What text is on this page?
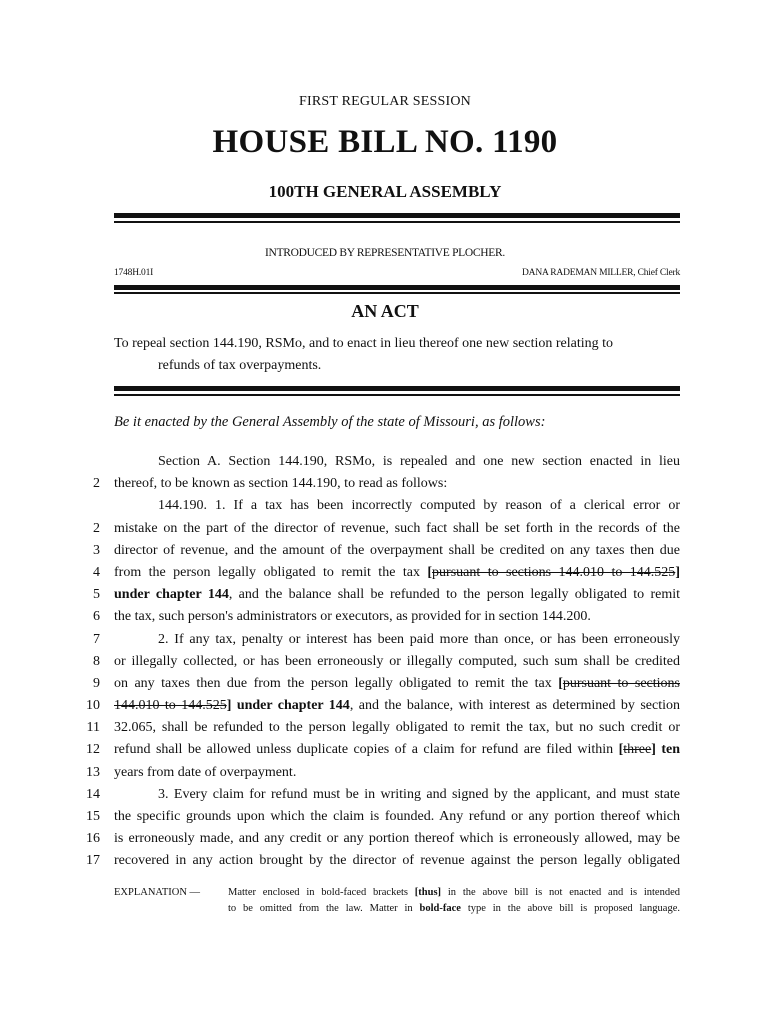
FIRST REGULAR SESSION
HOUSE BILL NO. 1190
100TH GENERAL ASSEMBLY
INTRODUCED BY REPRESENTATIVE PLOCHER.
1748H.01I	DANA RADEMAN MILLER, Chief Clerk
AN ACT
To repeal section 144.190, RSMo, and to enact in lieu thereof one new section relating to
refunds of tax overpayments.
Be it enacted by the General Assembly of the state of Missouri, as follows:
Section A. Section 144.190, RSMo, is repealed and one new section enacted in lieu
2 thereof, to be known as section 144.190, to read as follows:
144.190. 1. If a tax has been incorrectly computed by reason of a clerical error or
2 mistake on the part of the director of revenue, such fact shall be set forth in the records of the
3 director of revenue, and the amount of the overpayment shall be credited on any taxes then due
4 from the person legally obligated to remit the tax [pursuant to sections 144.010 to 144.525]
5 under chapter 144, and the balance shall be refunded to the person legally obligated to remit
6 the tax, such person's administrators or executors, as provided for in section 144.200.
7	2. If any tax, penalty or interest has been paid more than once, or has been erroneously
8 or illegally collected, or has been erroneously or illegally computed, such sum shall be credited
9 on any taxes then due from the person legally obligated to remit the tax [pursuant to sections
10 144.010 to 144.525] under chapter 144, and the balance, with interest as determined by section
11 32.065, shall be refunded to the person legally obligated to remit the tax, but no such credit or
12 refund shall be allowed unless duplicate copies of a claim for refund are filed within [three] ten
13 years from date of overpayment.
14	3. Every claim for refund must be in writing and signed by the applicant, and must state
15 the specific grounds upon which the claim is founded. Any refund or any portion thereof which
16 is erroneously made, and any credit or any portion thereof which is erroneously allowed, may be
17 recovered in any action brought by the director of revenue against the person legally obligated
EXPLANATION —	Matter enclosed in bold-faced brackets [thus] in the above bill is not enacted and is intended
to be omitted from the law. Matter in bold-face type in the above bill is proposed language.
